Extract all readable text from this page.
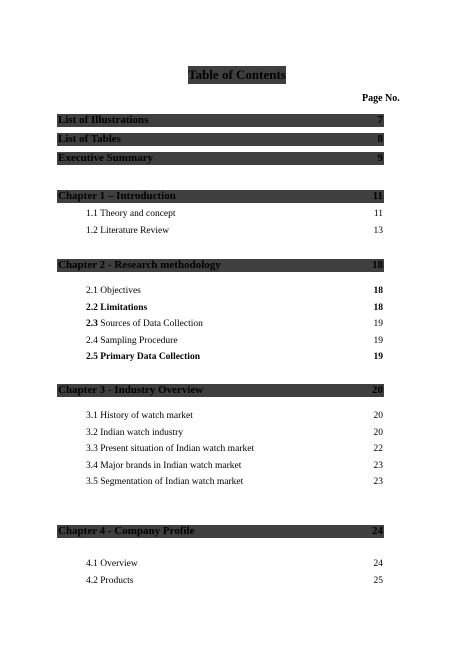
Table of Contents
Page No.
List of Illustrations	7
List of Tables	8
Executive Summary	9
Chapter 1 – Introduction	11
1.1 Theory and concept	11
1.2 Literature Review	13
Chapter 2 - Research methodology	18
2.1 Objectives	18
2.2 Limitations	18
2.3 Sources of Data Collection	19
2.4 Sampling Procedure	19
2.5 Primary Data Collection	19
Chapter 3 - Industry Overview	20
3.1 History of watch market	20
3.2 Indian watch industry	20
3.3 Present situation of Indian watch market	22
3.4 Major brands in Indian watch market	23
3.5 Segmentation of Indian watch market	23
Chapter 4 - Company Profile	24
4.1 Overview	24
4.2 Products	25
